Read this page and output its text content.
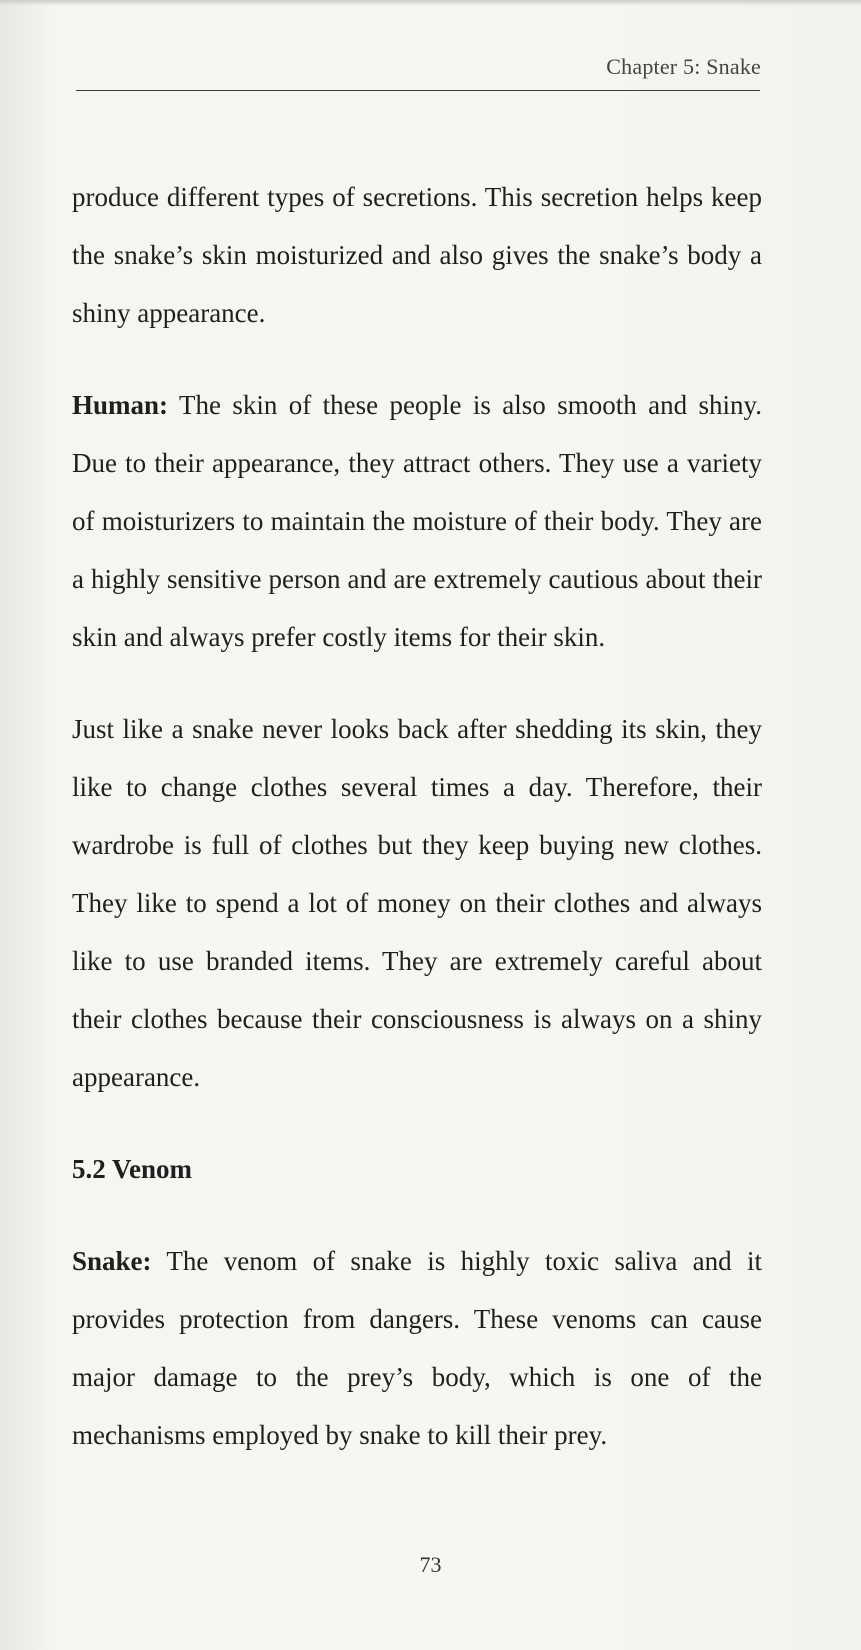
Chapter 5: Snake

produce different types of secretions. This secretion helps keep the snake’s skin moisturized and also gives the snake’s body a shiny appearance.

Human: The skin of these people is also smooth and shiny. Due to their appearance, they attract others. They use a variety of moisturizers to maintain the moisture of their body. They are a highly sensitive person and are extremely cautious about their skin and always prefer costly items for their skin.

Just like a snake never looks back after shedding its skin, they like to change clothes several times a day. Therefore, their wardrobe is full of clothes but they keep buying new clothes. They like to spend a lot of money on their clothes and always like to use branded items. They are extremely careful about their clothes because their consciousness is always on a shiny appearance.

5.2 Venom

Snake: The venom of snake is highly toxic saliva and it provides protection from dangers. These venoms can cause major damage to the prey’s body, which is one of the mechanisms employed by snake to kill their prey.

73
